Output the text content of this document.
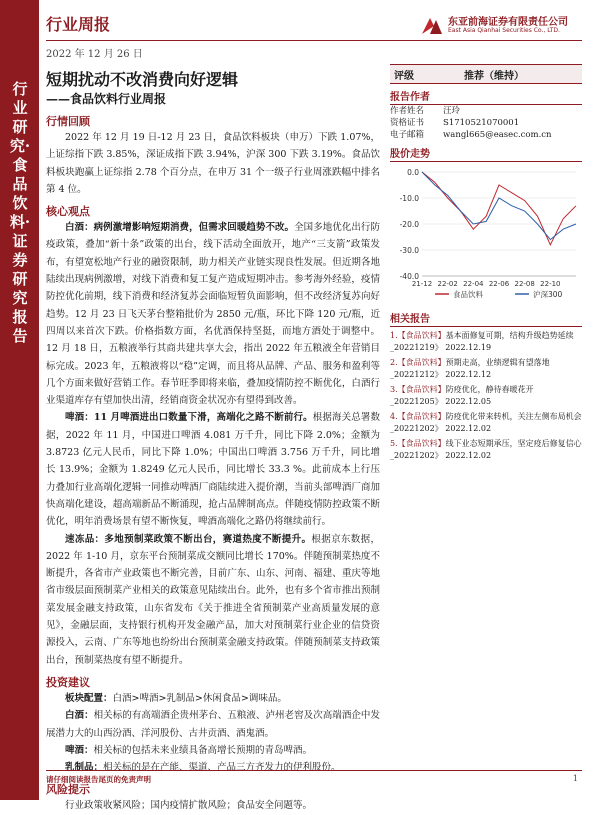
行业研究·食品饮料·证券研究报告
行业周报
2022 年 12 月 26 日
东亚前海证券有限责任公司
East Asia Qianhai Securities Co., LTD.
短期扰动不改消费向好逻辑
——食品饮料行业周报
行情回顾
2022 年 12 月 19 日-12 月 23 日，食品饮料板块（申万）下跌 1.07%，上证综指下跌 3.85%，深证成指下跌 3.94%，沪深 300 下跌 3.19%。食品饮料板块跑赢上证综指 2.78 个百分点，在申万 31 个一级子行业周涨跌幅中排名第 4 位。
核心观点
白酒：病例激增影响短期消费，但需求回暖趋势不改。全国多地优化出行防疫政策，叠加“新十条”政策的出台，线下活动全面放开，地产“三支箭”政策发布，有望宽松地产行业的融资限制，助力相关产业链实现良性发展。但近期各地陆续出现病例激增，对线下消费和复工复产造成短期冲击。参考海外经验，疫情防控优化前期，线下消费和经济复苏会面临短暂负面影响，但不改经济复苏向好趋势。12 月 23 日飞天茅台整箱批价为 2850 元/瓶，环比下降 120 元/瓶，近四周以来首次下跌。价格指数方面，名优酒保持坚挺，而地方酒处于调整中。12 月 18 日，五粮液举行其商共建共享大会，指出 2022 年五粮液全年营销目标完成。2023 年，五粮液将以“稳”定调，而且将从品牌、产品、服务和盈利等几个方面来做好营销工作。春节旺季即将来临，叠加疫情防控不断优化，白酒行业渠道库存有望加快出清，经销商资金状况亦有望得到改善。
啤酒：11 月啤酒进出口数量下滑，高端化之路不断前行。根据海关总署数据，2022 年 11 月，中国进口啤酒 4.081 万千升，同比下降 2.0%；金额为 3.8723 亿元人民币，同比下降 1.0%；中国出口啤酒 3.756 万千升，同比增长 13.9%；金额为 1.8249 亿元人民币，同比增长 33.3 %。此前成本上行压力叠加行业高端化逻辑一同推动啤酒厂商陆续进入提价潮，当前头部啤酒厂商加快高端化建设，超高端新品不断涌现，抢占品牌制高点。伴随疫情防控政策不断优化，明年消费场景有望不断恢复，啤酒高端化之路仍将继续前行。
速冻品：多地预制菜政策不断出台，赛道热度不断提升。根据京东数据，2022 年 1-10 月，京东平台预制菜成交额同比增长 170%。伴随预制菜热度不断提升，各省市产业政策也不断完善，目前广东、山东、河南、福建、重庆等地省市级层面预制菜产业相关的政策意见陆续出台。此外，也有多个省市推出预制菜发展金融支持政策，山东省发布《关于推进全省预制菜产业高质量发展的意见》，金融层面，支持银行机构开发金融产品，加大对预制菜行业企业的信贷资源投入，云南、广东等地也纷纷出台预制菜金融支持政策。伴随预制菜支持政策出台，预制菜热度有望不断提升。
投资建议
板块配置：白酒>啤酒>乳制品>休闲食品>调味品。
白酒：相关标的有高端酒企贵州茅台、五粮液、泸州老窖及次高端酒企中发展潜力大的山西汾酒、洋河股份、古井贡酒、酒鬼酒。
啤酒：相关标的包括未来业绩具备高增长预期的青岛啤酒。
乳制品：相关标的是在产能、渠道、产品三方齐发力的伊利股份。
风险提示
行业政策收紧风险；国内疫情扩散风险；食品安全问题等。
评级	推荐（维持）
报告作者
作者姓名	汪玲
资格证书	S1710521070001
电子邮箱	wangl665@easec.com.cn
股价走势
0.0
-10.0
-20.0
-30.0
-40.0
21-12 22-02 22-04 22-06 22-08 22-10
食品饮料	沪深300
相关报告
1.【食品饮料】基本面修复可期，结构升级趋势延续_20221219》 2022.12.19
2.【食品饮料】预期走高，业绩逻辑有望落地_20221212》 2022.12.12
3.【食品饮料】防疫优化，静待春暖花开_20221205》 2022.12.05
4.【食品饮料】防疫优化带来转机，关注左侧布局机会_20221202》 2022.12.02
5.【食品饮料】线下业态短期承压，坚定疫后修复信心_20221202》 2022.12.02
请仔细阅读报告尾页的免责声明	1
